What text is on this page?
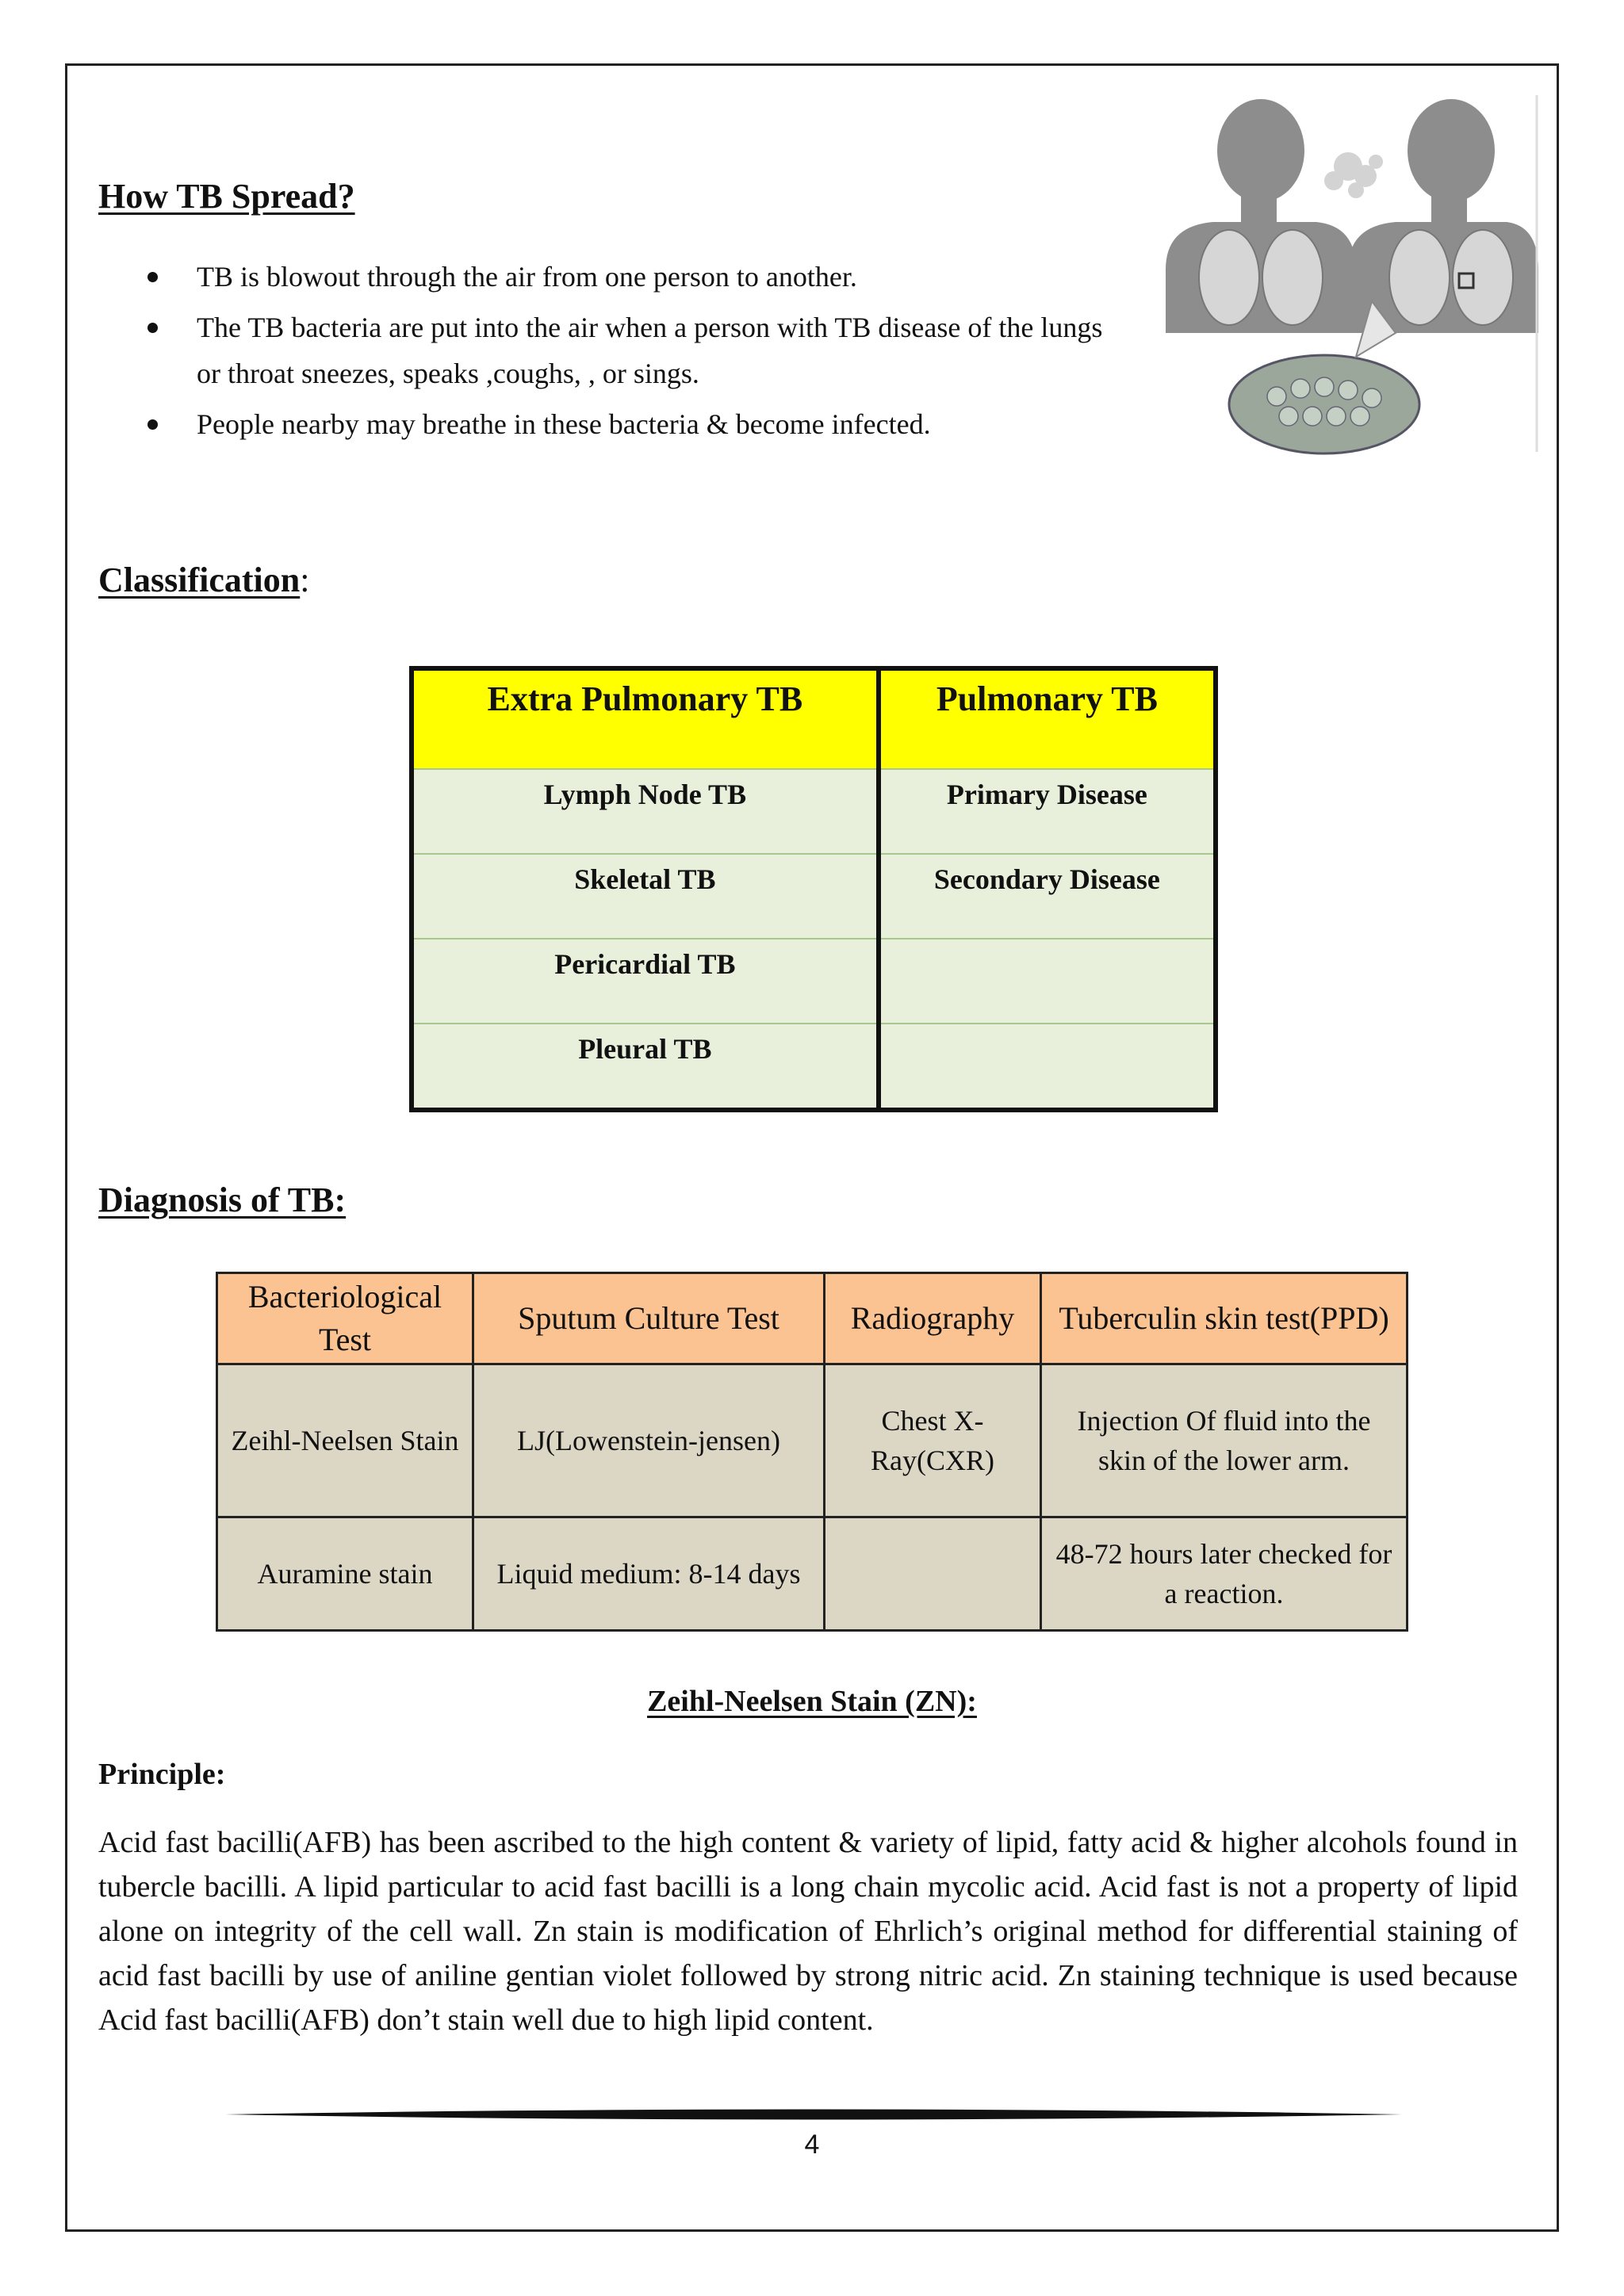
How TB Spread?
TB is blowout through the air from one person to another.
The TB bacteria are put into the air when a person with TB disease of the lungs or throat sneezes, speaks ,coughs, , or sings.
People nearby may breathe in these bacteria & become infected.
Classification:
Extra Pulmonary TB	Pulmonary TB
Lymph Node TB	Primary Disease
Skeletal TB	Secondary Disease
Pericardial TB	
Pleural TB	
Diagnosis of TB:
Bacteriological Test	Sputum Culture Test	Radiography	Tuberculin skin test(PPD)
Zeihl-Neelsen Stain	LJ(Lowenstein-jensen)	Chest X-Ray(CXR)	Injection Of fluid into the skin of the lower arm.
Auramine stain	Liquid medium: 8-14 days		48-72 hours later checked for a reaction.
Zeihl-Neelsen Stain (ZN):
Principle:
Acid fast bacilli(AFB) has been ascribed to the high content & variety of lipid, fatty acid & higher alcohols found in tubercle bacilli. A lipid particular to acid fast bacilli is a long chain mycolic acid. Acid fast is not a property of lipid alone on integrity of the cell wall. Zn stain is modification of Ehrlich’s original method for differential staining of acid fast bacilli by use of aniline gentian violet followed by strong nitric acid. Zn staining technique is used because Acid fast bacilli(AFB) don’t stain well due to high lipid content.
4
